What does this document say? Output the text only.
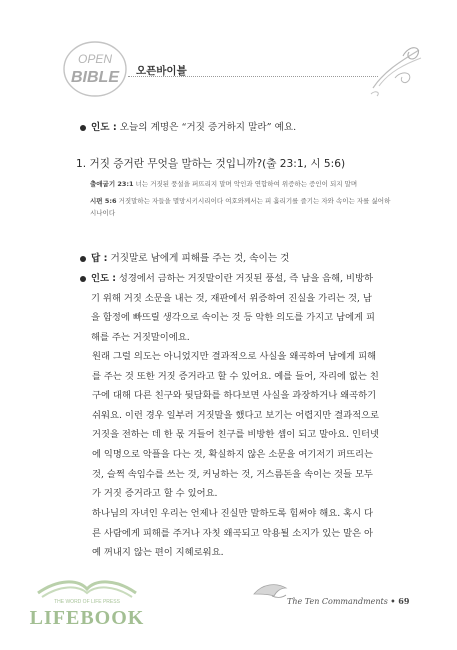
OPEN
BIBLE 오픈바이블
인도 : 오늘의 계명은 “거짓 증거하지 말라” 예요.
1. 거짓 증거란 무엇을 말하는 것입니까?(출 23:1, 시 5:6)
출애굽기 23:1 너는 거짓된 풍설을 퍼뜨리지 말며 악인과 연합하여 위증하는 증인이 되지 말며
시편 5:6 거짓말하는 자들을 멸망시키시리이다 여호와께서는 피 흘리기를 즐기는 자와 속이는 자를 싫어하시나이다
답 : 거짓말로 남에게 피해를 주는 것, 속이는 것
인도 : 성경에서 금하는 거짓말이란 거짓된 풍설, 즉 남을 음해, 비방하
기 위해 거짓 소문을 내는 것, 재판에서 위증하여 진실을 가리는 것, 남
을 함정에 빠뜨릴 생각으로 속이는 것 등 악한 의도를 가지고 남에게 피
해를 주는 거짓말이에요.
원래 그럴 의도는 아니었지만 결과적으로 사실을 왜곡하여 남에게 피해
를 주는 것 또한 거짓 증거라고 할 수 있어요. 예를 들어, 자리에 없는 친
구에 대해 다른 친구와 뒷담화를 하다보면 사실을 과장하거나 왜곡하기
쉬워요. 이런 경우 일부러 거짓말을 했다고 보기는 어렵지만 결과적으로
거짓을 전하는 데 한 몫 거들어 친구를 비방한 셈이 되고 말아요. 인터넷
에 익명으로 악플을 다는 것, 확실하지 않은 소문을 여기저기 퍼뜨리는
것, 슬쩍 속임수를 쓰는 것, 커닝하는 것, 거스름돈을 속이는 것들 모두
가 거짓 증거라고 할 수 있어요.
하나님의 자녀인 우리는 언제나 진실만 말하도록 힘써야 해요. 혹시 다
른 사람에게 피해를 주거나 자칫 왜곡되고 악용될 소지가 있는 말은 아
예 꺼내지 않는 편이 지혜로워요.
THE WORD OF LIFE PRESS
LIFEBOOK
The Ten Commandments • 69
